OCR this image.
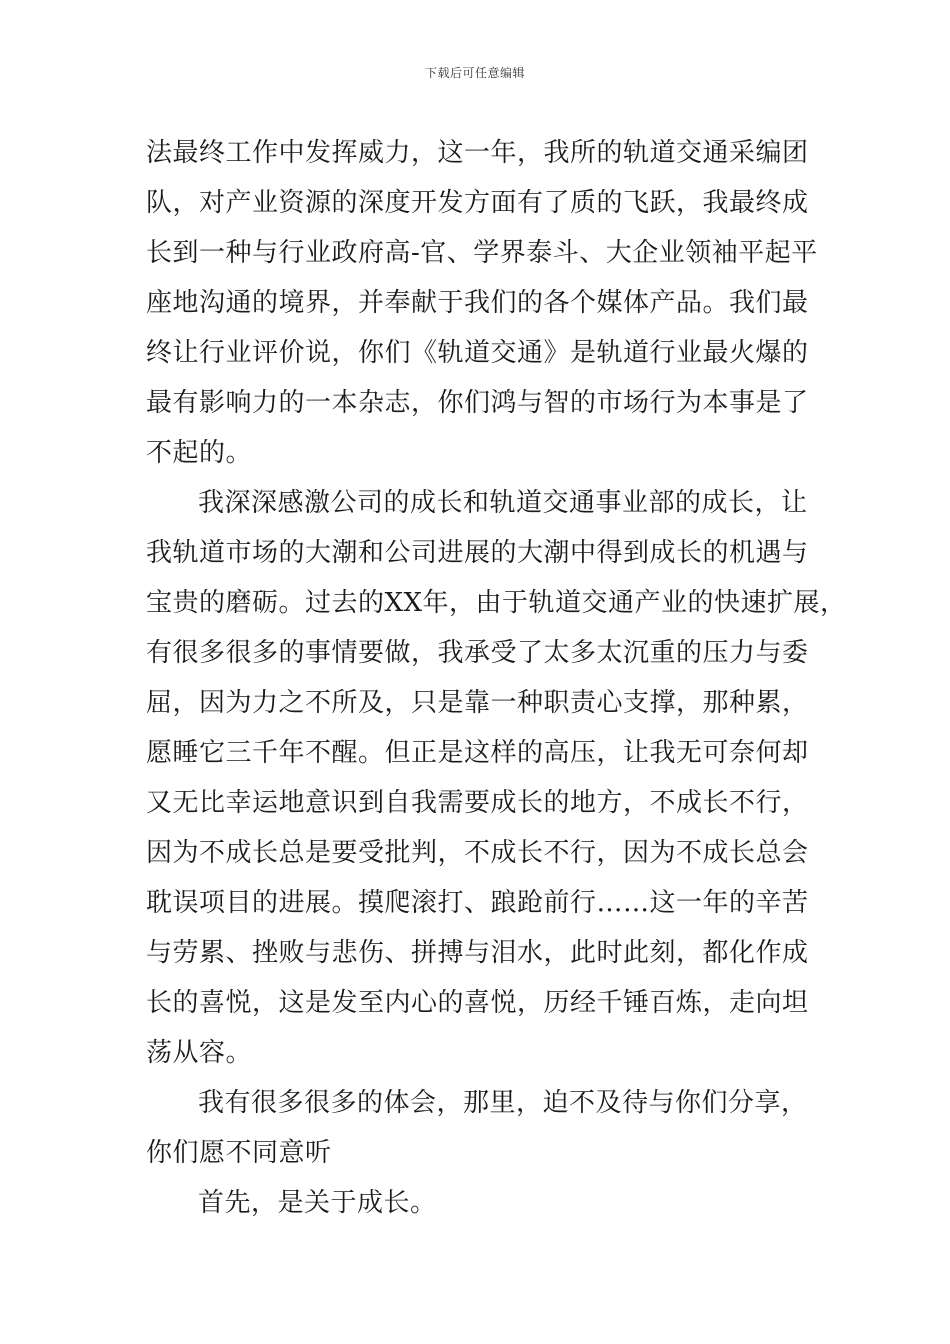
下载后可任意编辑
法最终工作中发挥威力，这一年，我所的轨道交通采编团
队，对产业资源的深度开发方面有了质的飞跃，我最终成
长到一种与行业政府高-官、学界泰斗、大企业领袖平起平
座地沟通的境界，并奉献于我们的各个媒体产品。我们最
终让行业评价说，你们《轨道交通》是轨道行业最火爆的
最有影响力的一本杂志，你们鸿与智的市场行为本事是了
不起的。
我深深感激公司的成长和轨道交通事业部的成长，让
我轨道市场的大潮和公司进展的大潮中得到成长的机遇与
宝贵的磨砺。过去的XX年，由于轨道交通产业的快速扩展，
有很多很多的事情要做，我承受了太多太沉重的压力与委
屈，因为力之不所及，只是靠一种职责心支撑，那种累，
愿睡它三千年不醒。但正是这样的高压，让我无可奈何却
又无比幸运地意识到自我需要成长的地方，不成长不行，
因为不成长总是要受批判，不成长不行，因为不成长总会
耽误项目的进展。摸爬滚打、踉跄前行……这一年的辛苦
与劳累、挫败与悲伤、拼搏与泪水，此时此刻，都化作成
长的喜悦，这是发至内心的喜悦，历经千锤百炼，走向坦
荡从容。
我有很多很多的体会，那里，迫不及待与你们分享，
你们愿不同意听
首先，是关于成长。
